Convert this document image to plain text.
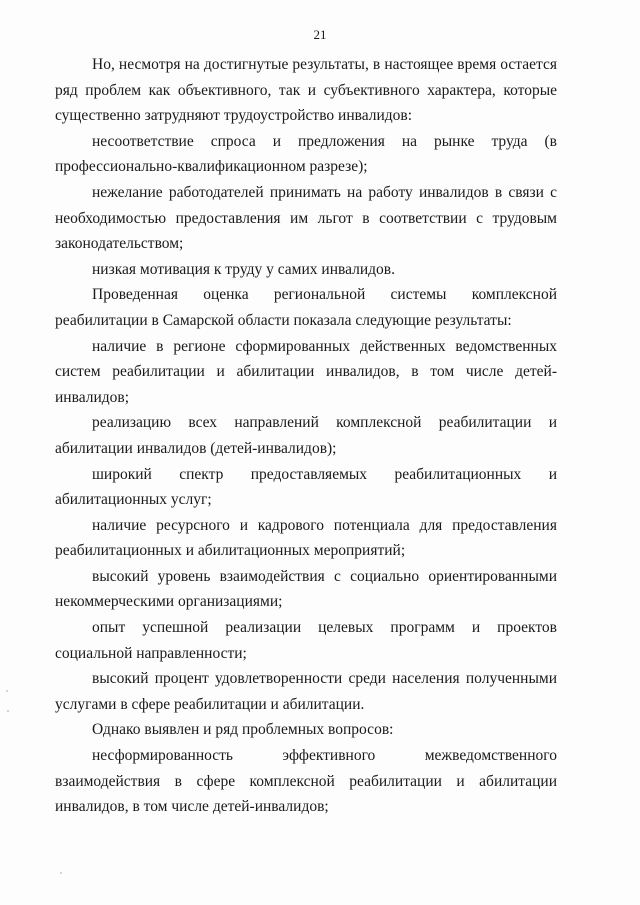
21

Но, несмотря на достигнутые результаты, в настоящее время остается ряд проблем как объективного, так и субъективного характера, которые существенно затрудняют трудоустройство инвалидов:

несоответствие спроса и предложения на рынке труда (в профессионально-квалификационном разрезе);

нежелание работодателей принимать на работу инвалидов в связи с необходимостью предоставления им льгот в соответствии с трудовым законодательством;

низкая мотивация к труду у самих инвалидов.

Проведенная оценка региональной системы комплексной реабилитации в Самарской области показала следующие результаты:

наличие в регионе сформированных действенных ведомственных систем реабилитации и абилитации инвалидов, в том числе детей-инвалидов;

реализацию всех направлений комплексной реабилитации и абилитации инвалидов (детей-инвалидов);

широкий спектр предоставляемых реабилитационных и абилитационных услуг;

наличие ресурсного и кадрового потенциала для предоставления реабилитационных и абилитационных мероприятий;

высокий уровень взаимодействия с социально ориентированными некоммерческими организациями;

опыт успешной реализации целевых программ и проектов социальной направленности;

высокий процент удовлетворенности среди населения полученными услугами в сфере реабилитации и абилитации.

Однако выявлен и ряд проблемных вопросов:

несформированность эффективного межведомственного взаимодействия в сфере комплексной реабилитации и абилитации инвалидов, в том числе детей-инвалидов;
